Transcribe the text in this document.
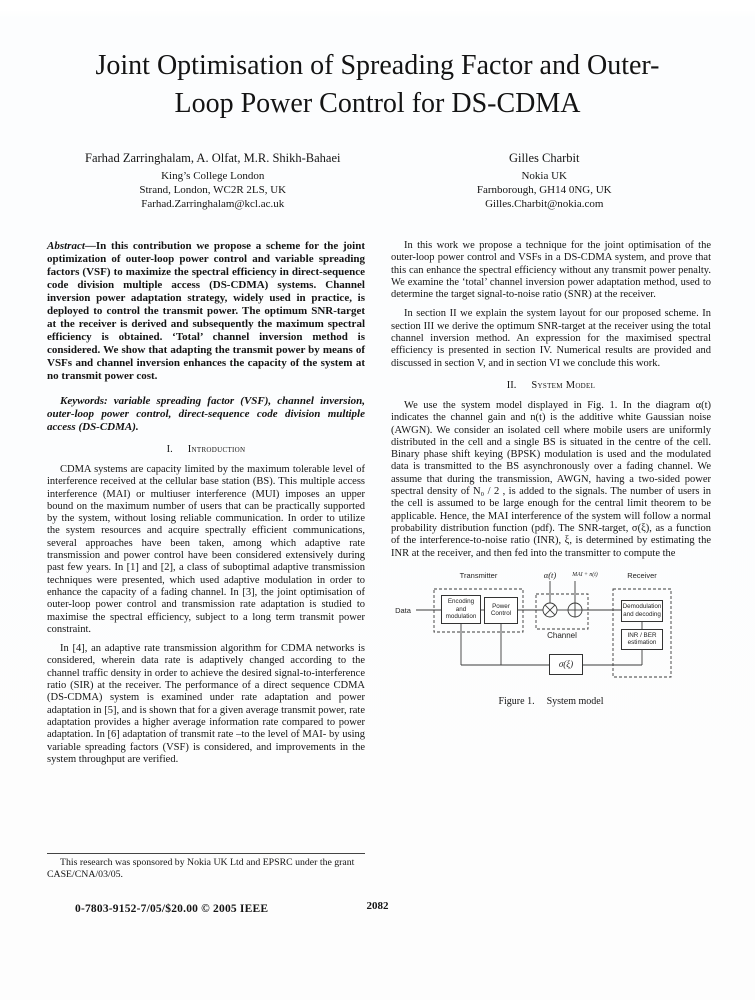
Joint Optimisation of Spreading Factor and Outer-
Loop Power Control for DS-CDMA
Farhad Zarringhalam, A. Olfat, M.R. Shikh-Bahaei
King’s College London
Strand, London, WC2R 2LS, UK
Farhad.Zarringhalam@kcl.ac.uk
Gilles Charbit
Nokia UK
Farnborough, GH14 0NG, UK
Gilles.Charbit@nokia.com

Abstract—In this contribution we propose a scheme for the joint optimization of outer-loop power control and variable spreading factors (VSF) to maximize the spectral efficiency in direct-sequence code division multiple access (DS-CDMA) systems. Channel inversion power adaptation strategy, widely used in practice, is deployed to control the transmit power. The optimum SNR-target at the receiver is derived and subsequently the maximum spectral efficiency is obtained. ‘Total’ channel inversion method is considered. We show that adapting the transmit power by means of VSFs and channel inversion enhances the capacity of the system at no transmit power cost.

Keywords: variable spreading factor (VSF), channel inversion, outer-loop power control, direct-sequence code division multiple access (DS-CDMA).

I. Introduction

CDMA systems are capacity limited by the maximum tolerable level of interference received at the cellular base station (BS). This multiple access interference (MAI) or multiuser interference (MUI) imposes an upper bound on the maximum number of users that can be practically supported by the system, without losing reliable communication. In order to utilize the system resources and acquire spectrally efficient communications, several approaches have been taken, among which adaptive rate transmission and power control have been considered extensively during past few years. In [1] and [2], a class of suboptimal adaptive transmission techniques were presented, which used adaptive modulation in order to enhance the capacity of a fading channel. In [3], the joint optimisation of outer-loop power control and transmission rate adaptation is studied to maximise the spectral efficiency, subject to a long term transmit power constraint.

In [4], an adaptive rate transmission algorithm for CDMA networks is considered, wherein data rate is adaptively changed according to the channel traffic density in order to achieve the desired signal-to-interference ratio (SIR) at the receiver. The performance of a direct sequence CDMA (DS-CDMA) system is examined under rate adaptation and power adaptation in [5], and is shown that for a given average transmit power, rate adaptation provides a higher average information rate compared to power adaptation. In [6] adaptation of transmit rate –to the level of MAI- by using variable spreading factors (VSF) is considered, and improvements in the system throughput are verified.

In this work we propose a technique for the joint optimisation of the outer-loop power control and VSFs in a DS-CDMA system, and prove that this can enhance the spectral efficiency without any transmit power penalty. We examine the ‘total’ channel inversion power adaptation method, used to determine the target signal-to-noise ratio (SNR) at the receiver.

In section II we explain the system layout for our proposed scheme. In section III we derive the optimum SNR-target at the receiver using the total channel inversion method. An expression for the maximised spectral efficiency is presented in section IV. Numerical results are provided and discussed in section V, and in section VI we conclude this work.

II. System Model

We use the system model displayed in Fig. 1. In the diagram α(t) indicates the channel gain and n(t) is the additive white Gaussian noise (AWGN). We consider an isolated cell where mobile users are uniformly distributed in the cell and a single BS is situated in the centre of the cell. Binary phase shift keying (BPSK) modulation is used and the modulated data is transmitted to the BS asynchronously over a fading channel. We assume that during the transmission, AWGN, having a two-sided power spectral density of N₀ / 2 , is added to the signals. The number of users in the cell is assumed to be large enough for the central limit theorem to be applicable. Hence, the MAI interference of the system will follow a normal probability distribution function (pdf). The SNR-target, σ(ξ), as a function of the interference-to-noise ratio (INR), ξ, is determined by estimating the INR at the receiver, and then fed into the transmitter to compute the

Transmitter	α(t)	MAI + n(t)	Receiver
Data
Channel
Encoding and modulation
Power Control
Demodulation and decoding
INR / BER estimation
σ(ξ)

Figure 1. System model

This research was sponsored by Nokia UK Ltd and EPSRC under the grant CASE/CNA/03/05.
2082
0-7803-9152-7/05/$20.00 © 2005 IEEE
